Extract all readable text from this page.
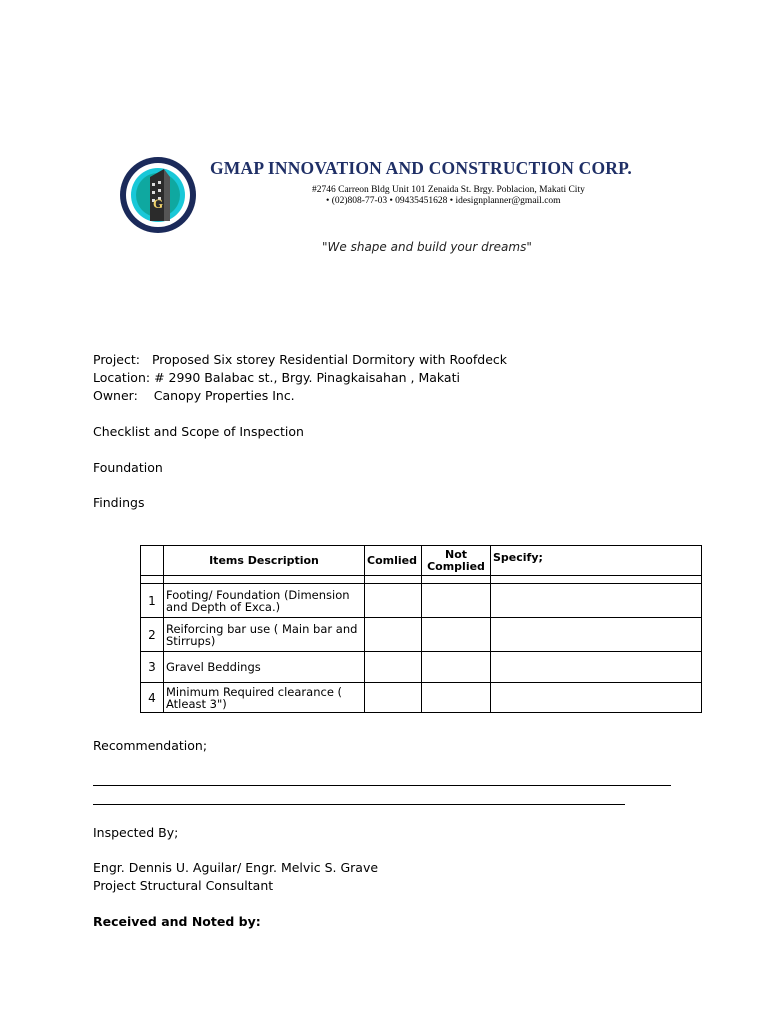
G
GMAP INNOVATION AND CONSTRUCTION CORP.
#2746 Carreon Bldg Unit 101 Zenaida St. Brgy. Poblacion, Makati City
• (02)808-77-03 • 09435451628 • idesignplanner@gmail.com
"We shape and build your dreams"
Project: Proposed Six storey Residential Dormitory with Roofdeck
Location: # 2990 Balabac st., Brgy. Pinagkaisahan , Makati
Owner: Canopy Properties Inc.
Checklist and Scope of Inspection
Foundation
Findings
	Items Description	Comlied	Not Complied	Specify;

1	Footing/ Foundation (Dimension and Depth of Exca.)			
2	Reiforcing bar use ( Main bar and Stirrups)			
3	Gravel Beddings			
4	Minimum Required clearance ( Atleast 3")			
Recommendation;
Inspected By;
Engr. Dennis U. Aguilar/ Engr. Melvic S. Grave
Project Structural Consultant
Received and Noted by:
